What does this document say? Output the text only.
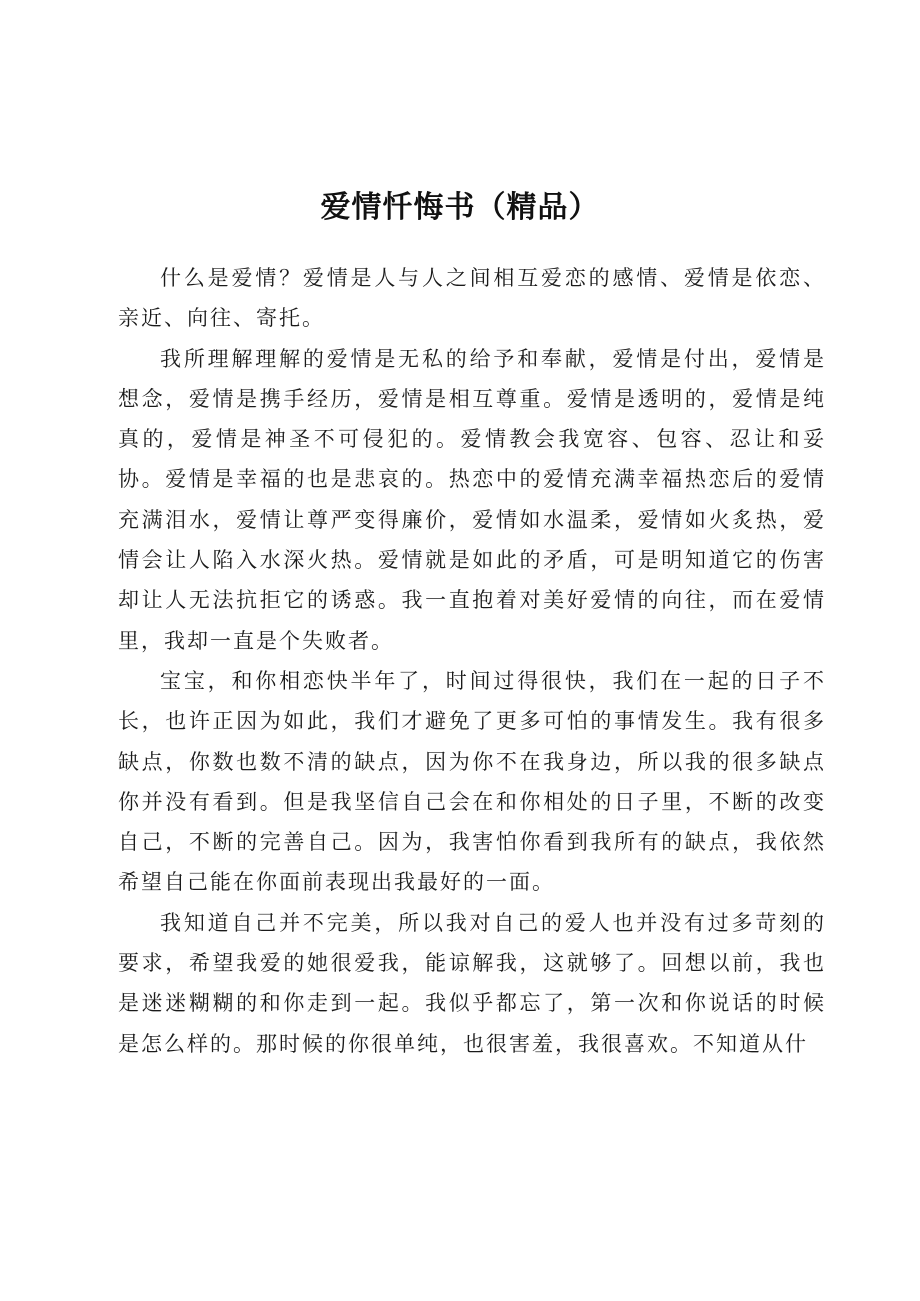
爱情忏悔书（精品）

什么是爱情？爱情是人与人之间相互爱恋的感情、爱情是依恋、亲近、向往、寄托。

我所理解理解的爱情是无私的给予和奉献，爱情是付出，爱情是想念，爱情是携手经历，爱情是相互尊重。爱情是透明的，爱情是纯真的，爱情是神圣不可侵犯的。爱情教会我宽容、包容、忍让和妥协。爱情是幸福的也是悲哀的。热恋中的爱情充满幸福热恋后的爱情充满泪水，爱情让尊严变得廉价，爱情如水温柔，爱情如火炙热，爱情会让人陷入水深火热。爱情就是如此的矛盾，可是明知道它的伤害却让人无法抗拒它的诱惑。我一直抱着对美好爱情的向往，而在爱情里，我却一直是个失败者。

宝宝，和你相恋快半年了，时间过得很快，我们在一起的日子不长，也许正因为如此，我们才避免了更多可怕的事情发生。我有很多缺点，你数也数不清的缺点，因为你不在我身边，所以我的很多缺点你并没有看到。但是我坚信自己会在和你相处的日子里，不断的改变自己，不断的完善自己。因为，我害怕你看到我所有的缺点，我依然希望自己能在你面前表现出我最好的一面。

我知道自己并不完美，所以我对自己的爱人也并没有过多苛刻的要求，希望我爱的她很爱我，能谅解我，这就够了。回想以前，我也是迷迷糊糊的和你走到一起。我似乎都忘了，第一次和你说话的时候是怎么样的。那时候的你很单纯，也很害羞，我很喜欢。不知道从什
